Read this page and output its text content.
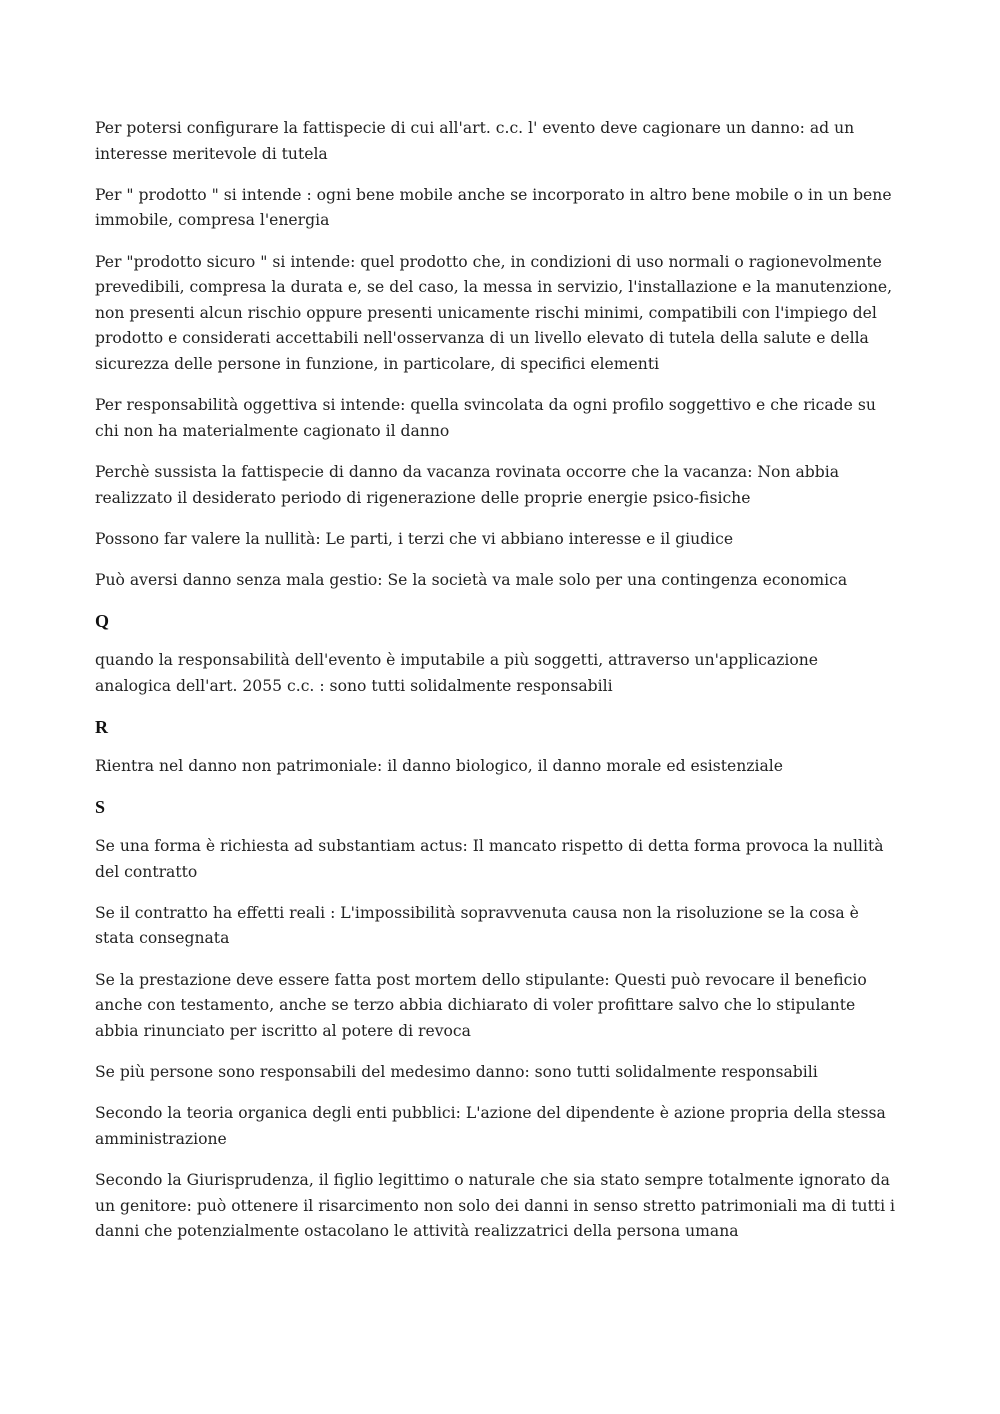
Per potersi configurare la fattispecie di cui all'art. c.c. l' evento deve cagionare un danno: ad un interesse meritevole di tutela

Per " prodotto " si intende : ogni bene mobile anche se incorporato in altro bene mobile o in un bene immobile, compresa l'energia

Per "prodotto sicuro " si intende: quel prodotto che, in condizioni di uso normali o ragionevolmente prevedibili, compresa la durata e, se del caso, la messa in servizio, l'installazione e la manutenzione, non presenti alcun rischio oppure presenti unicamente rischi minimi, compatibili con l'impiego del prodotto e considerati accettabili nell'osservanza di un livello elevato di tutela della salute e della sicurezza delle persone in funzione, in particolare, di specifici elementi

Per responsabilità oggettiva si intende: quella svincolata da ogni profilo soggettivo e che ricade su chi non ha materialmente cagionato il danno

Perchè sussista la fattispecie di danno da vacanza rovinata occorre che la vacanza: Non abbia realizzato il desiderato periodo di rigenerazione delle proprie energie psico-fisiche

Possono far valere la nullità: Le parti, i terzi che vi abbiano interesse e il giudice

Può aversi danno senza mala gestio: Se la società va male solo per una contingenza economica

Q

quando la responsabilità dell'evento è imputabile a più soggetti, attraverso un'applicazione analogica dell'art. 2055 c.c. : sono tutti solidalmente responsabili

R

Rientra nel danno non patrimoniale: il danno biologico, il danno morale ed esistenziale

S

Se una forma è richiesta ad substantiam actus: Il mancato rispetto di detta forma provoca la nullità del contratto

Se il contratto ha effetti reali : L'impossibilità sopravvenuta causa non la risoluzione se la cosa è stata consegnata

Se la prestazione deve essere fatta post mortem dello stipulante: Questi può revocare il beneficio anche con testamento, anche se terzo abbia dichiarato di voler profittare salvo che lo stipulante abbia rinunciato per iscritto al potere di revoca

Se più persone sono responsabili del medesimo danno: sono tutti solidalmente responsabili

Secondo la teoria organica degli enti pubblici: L'azione del dipendente è azione propria della stessa amministrazione

Secondo la Giurisprudenza, il figlio legittimo o naturale che sia stato sempre totalmente ignorato da un genitore: può ottenere il risarcimento non solo dei danni in senso stretto patrimoniali ma di tutti i danni che potenzialmente ostacolano le attività realizzatrici della persona umana
